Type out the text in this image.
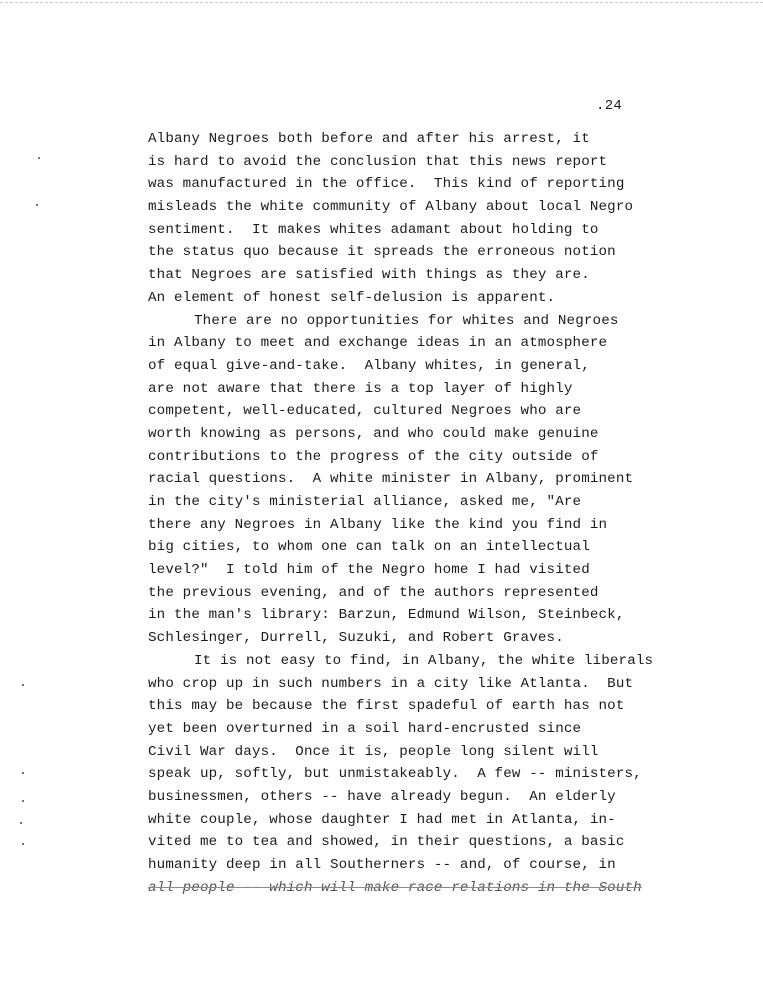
.24
Albany Negroes both before and after his arrest, it
is hard to avoid the conclusion that this news report
was manufactured in the office.  This kind of reporting
misleads the white community of Albany about local Negro
sentiment.  It makes whites adamant about holding to
the status quo because it spreads the erroneous notion
that Negroes are satisfied with things as they are.
An element of honest self-delusion is apparent.
There are no opportunities for whites and Negroes
in Albany to meet and exchange ideas in an atmosphere
of equal give-and-take.  Albany whites, in general,
are not aware that there is a top layer of highly
competent, well-educated, cultured Negroes who are
worth knowing as persons, and who could make genuine
contributions to the progress of the city outside of
racial questions.  A white minister in Albany, prominent
in the city's ministerial alliance, asked me, "Are
there any Negroes in Albany like the kind you find in
big cities, to whom one can talk on an intellectual
level?"  I told him of the Negro home I had visited
the previous evening, and of the authors represented
in the man's library: Barzun, Edmund Wilson, Steinbeck,
Schlesinger, Durrell, Suzuki, and Robert Graves.
It is not easy to find, in Albany, the white liberals
who crop up in such numbers in a city like Atlanta.  But
this may be because the first spadeful of earth has not
yet been overturned in a soil hard-encrusted since
Civil War days.  Once it is, people long silent will
speak up, softly, but unmistakeably.  A few -- ministers,
businessmen, others -- have already begun.  An elderly
white couple, whose daughter I had met in Atlanta, in-
vited me to tea and showed, in their questions, a basic
humanity deep in all Southerners -- and, of course, in
all people -- which will make race relations in the South
